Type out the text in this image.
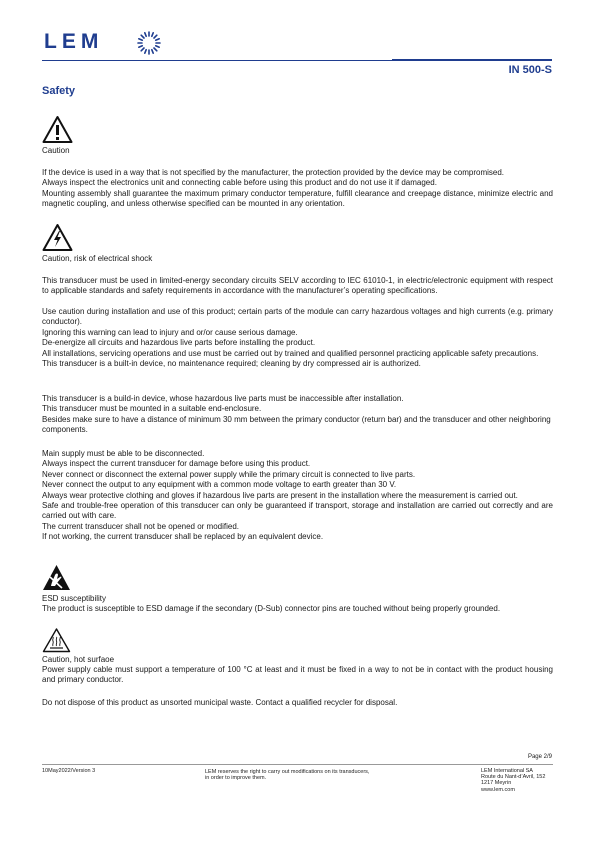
LEM
IN 500-S
Safety
Caution

If the device is used in a way that is not specified by the manufacturer, the protection provided by the device may be compromised.

Always inspect the electronics unit and connecting cable before using this product and do not use it if damaged.

Mounting assembly shall guarantee the maximum primary conductor temperature, fulfill clearance and creepage distance, minimize electric and magnetic coupling, and unless otherwise specified can be mounted in any orientation.

Caution, risk of electrical shock

This transducer must be used in limited-energy secondary circuits SELV according to IEC 61010-1, in electric/electronic equipment with respect to applicable standards and safety requirements in accordance with the manufacturer’s operating specifications.

Use caution during installation and use of this product; certain parts of the module can carry hazardous voltages and high currents (e.g. primary conductor).

Ignoring this warning can lead to injury and or/or cause serious damage.

De-energize all circuits and hazardous live parts before installing the product.

All installations, servicing operations and use must be carried out by trained and qualified personnel practicing applicable safety precautions.

This transducer is a built-in device, no maintenance required; cleaning by dry compressed air is authorized.

This transducer is a build-in device, whose hazardous live parts must be inaccessible after installation.

This transducer must be mounted in a suitable end-enclosure.

Besides make sure to have a distance of minimum 30 mm between the primary conductor (return bar) and the transducer and other neighboring components.

Main supply must be able to be disconnected.

Always inspect the current transducer for damage before using this product.

Never connect or disconnect the external power supply while the primary circuit is connected to live parts.

Never connect the output to any equipment with a common mode voltage to earth greater than 30 V.

Always wear protective clothing and gloves if hazardous live parts are present in the installation where the measurement is carried out.

Safe and trouble-free operation of this transducer can only be guaranteed if transport, storage and installation are carried out correctly and are carried out with care.

The current transducer shall not be opened or modified.

If not working, the current transducer shall be replaced by an equivalent device.

ESD susceptibility

The product is susceptible to ESD damage if the secondary (D-Sub) connector pins are touched without being properly grounded.

Caution, hot surfaoe

Power supply cable must support a temperature of 100 °C at least and it must be fixed in a way to not be in contact with the product housing and primary conductor.

Do not dispose of this product as unsorted municipal waste. Contact a qualified recycler for disposal.

Page 2/9
10May2022/Version 3	LEM reserves the right to carry out modifications on its transducers,
in order to improve them.
LEM International SA
Route du Nant-d’Avril, 152
1217 Meyrin
www.lem.com
